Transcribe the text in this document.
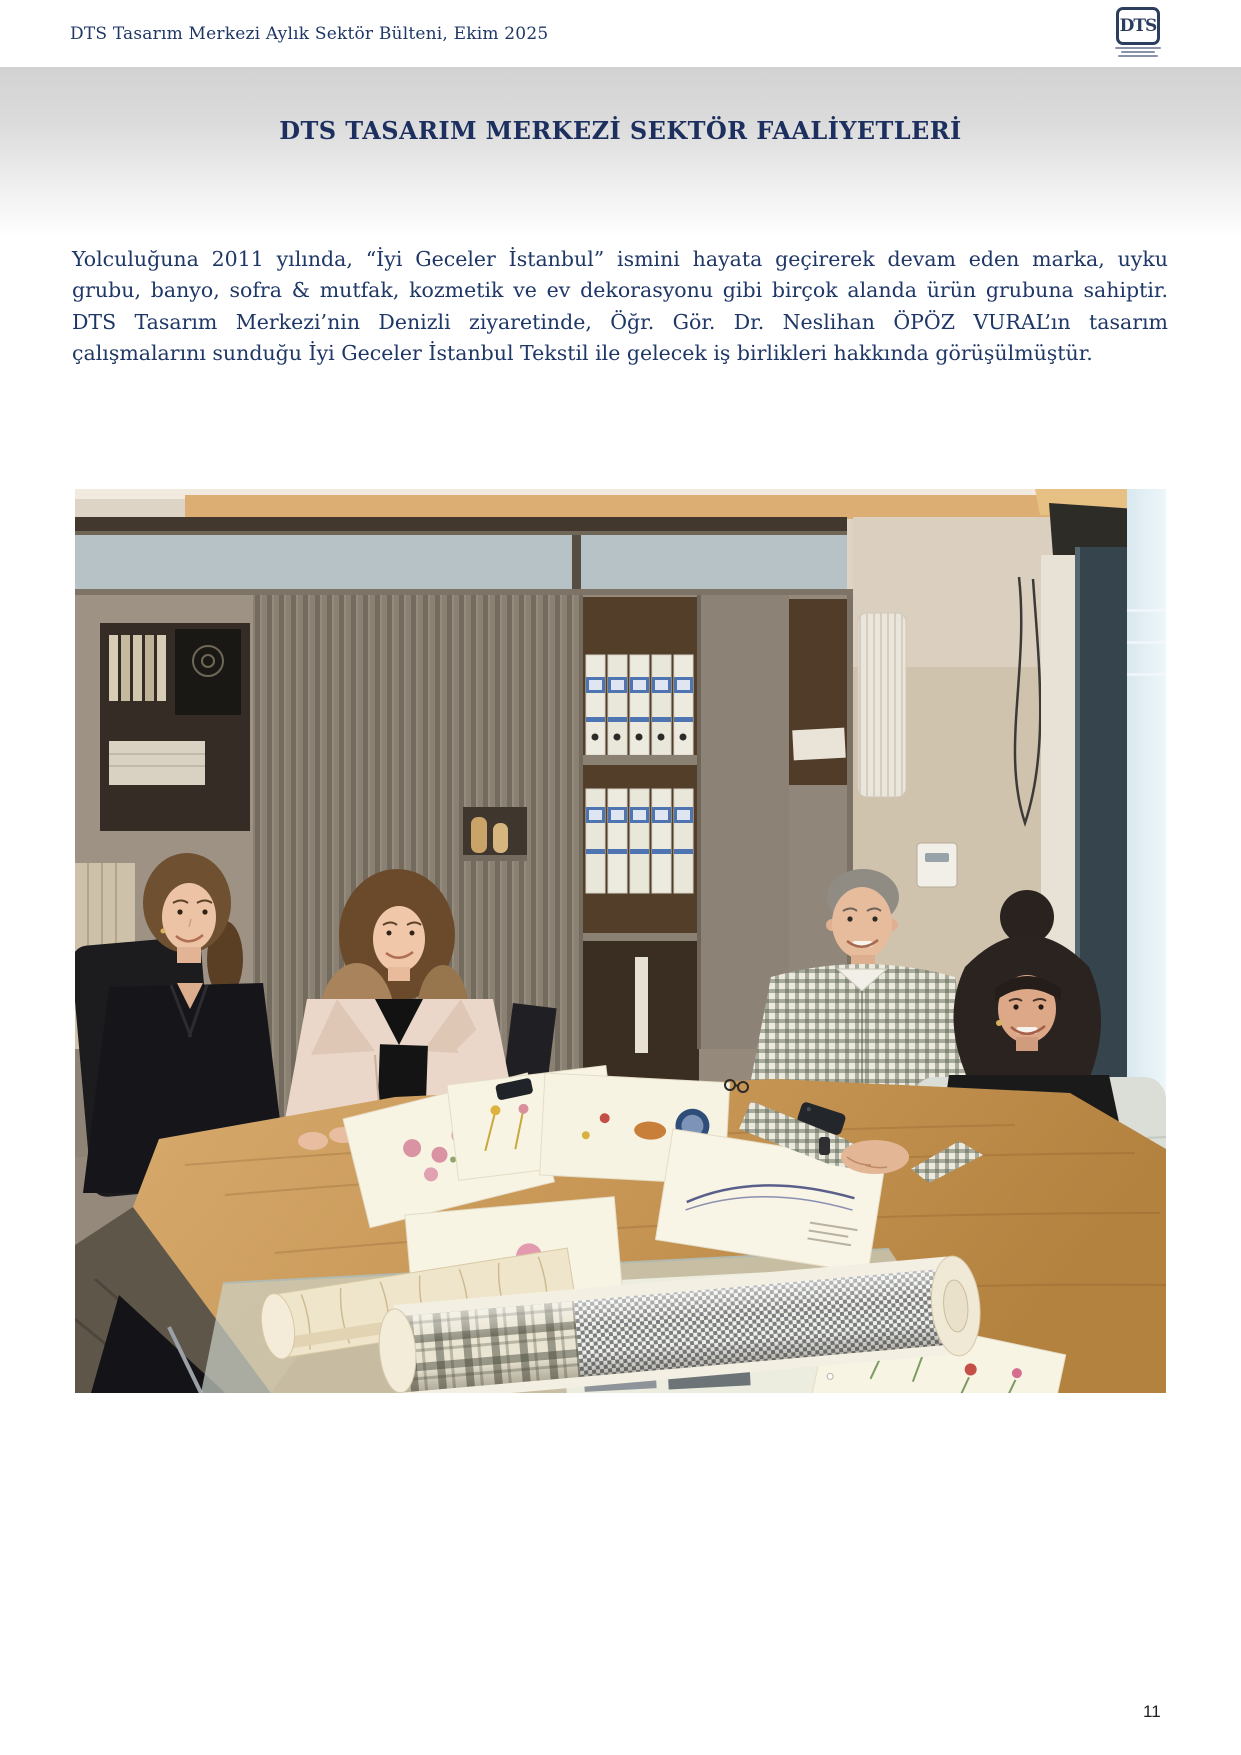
DTS Tasarım Merkezi Aylık Sektör Bülteni, Ekim 2025	DTS
DTS TASARIM MERKEZİ SEKTÖR FAALİYETLERİ

Yolculuğuna 2011 yılında, “İyi Geceler İstanbul” ismini hayata geçirerek devam eden marka, uyku grubu, banyo, sofra & mutfak, kozmetik ve ev dekorasyonu gibi birçok alanda ürün grubuna sahiptir. DTS Tasarım Merkezi’nin Denizli ziyaretinde, Öğr. Gör. Dr. Neslihan ÖPÖZ VURAL’ın tasarım çalışmalarını sunduğu İyi Geceler İstanbul Tekstil ile gelecek iş birlikleri hakkında görüşülmüştür.

11
